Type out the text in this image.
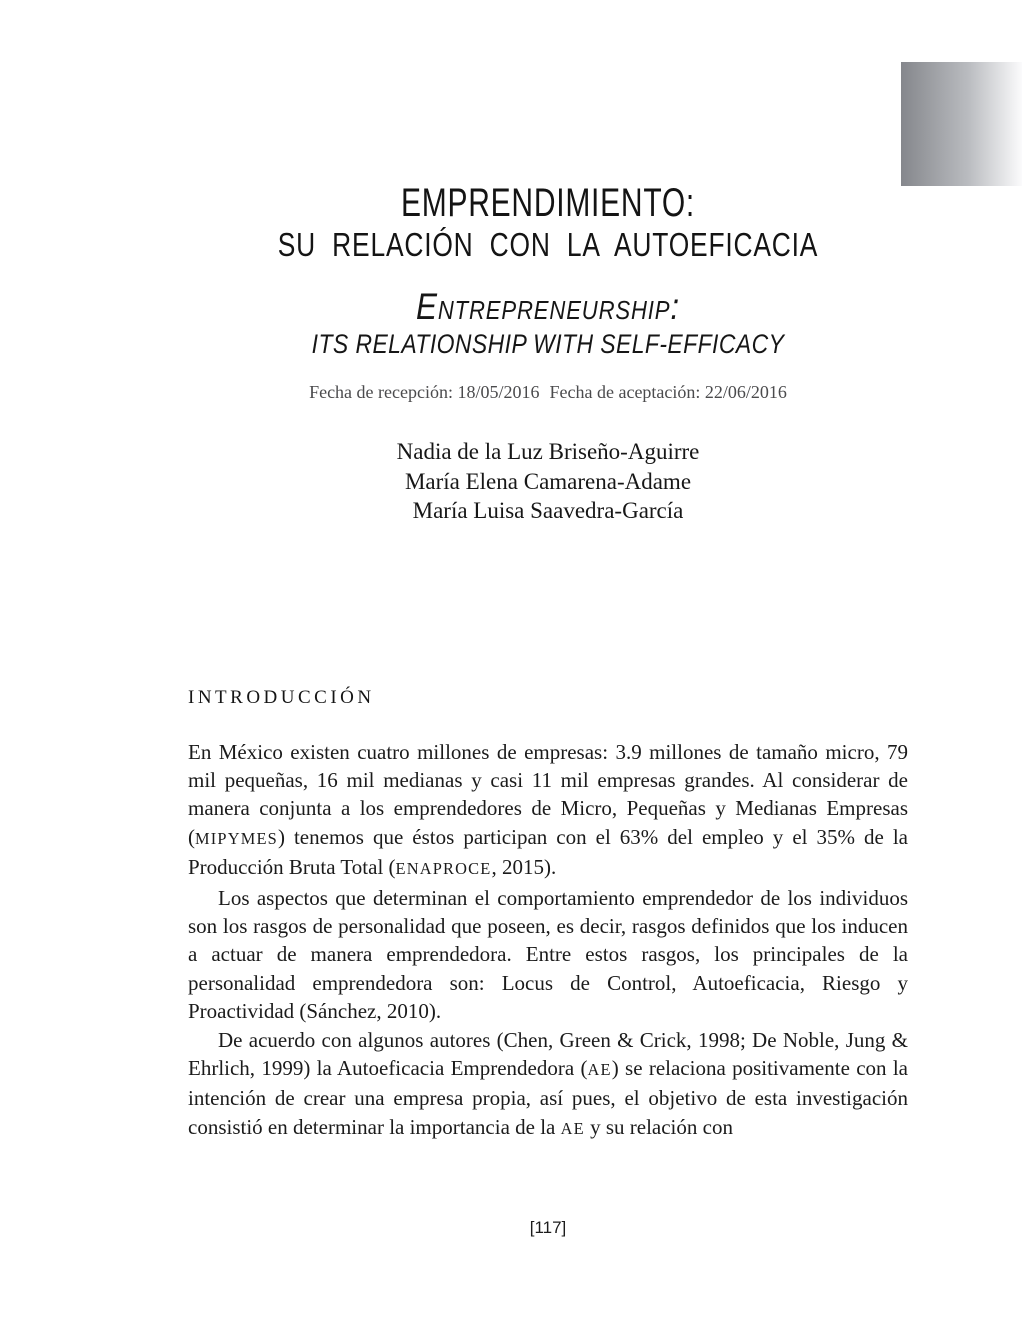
EMPRENDIMIENTO:
SU RELACIÓN CON LA AUTOEFICACIA
Entrepreneurship:
ITS RELATIONSHIP WITH SELF-EFFICACY
Fecha de recepción: 18/05/2016 Fecha de aceptación: 22/06/2016
Nadia de la Luz Briseño-Aguirre
María Elena Camarena-Adame
María Luisa Saavedra-García
INTRODUCCIÓN

En México existen cuatro millones de empresas: 3.9 millones de tamaño micro, 79 mil pequeñas, 16 mil medianas y casi 11 mil empresas grandes. Al considerar de manera conjunta a los emprendedores de Micro, Pequeñas y Medianas Empresas (MIPYMES) tenemos que éstos participan con el 63% del empleo y el 35% de la Producción Bruta Total (ENAPROCE, 2015).

Los aspectos que determinan el comportamiento emprendedor de los individuos son los rasgos de personalidad que poseen, es decir, rasgos definidos que los inducen a actuar de manera emprendedora. Entre estos rasgos, los principales de la personalidad emprendedora son: Locus de Control, Autoeficacia, Riesgo y Proactividad (Sánchez, 2010).

De acuerdo con algunos autores (Chen, Green & Crick, 1998; De Noble, Jung & Ehrlich, 1999) la Autoeficacia Emprendedora (AE) se relaciona positivamente con la intención de crear una empresa propia, así pues, el objetivo de esta investigación consistió en determinar la importancia de la AE y su relación con

[117]
